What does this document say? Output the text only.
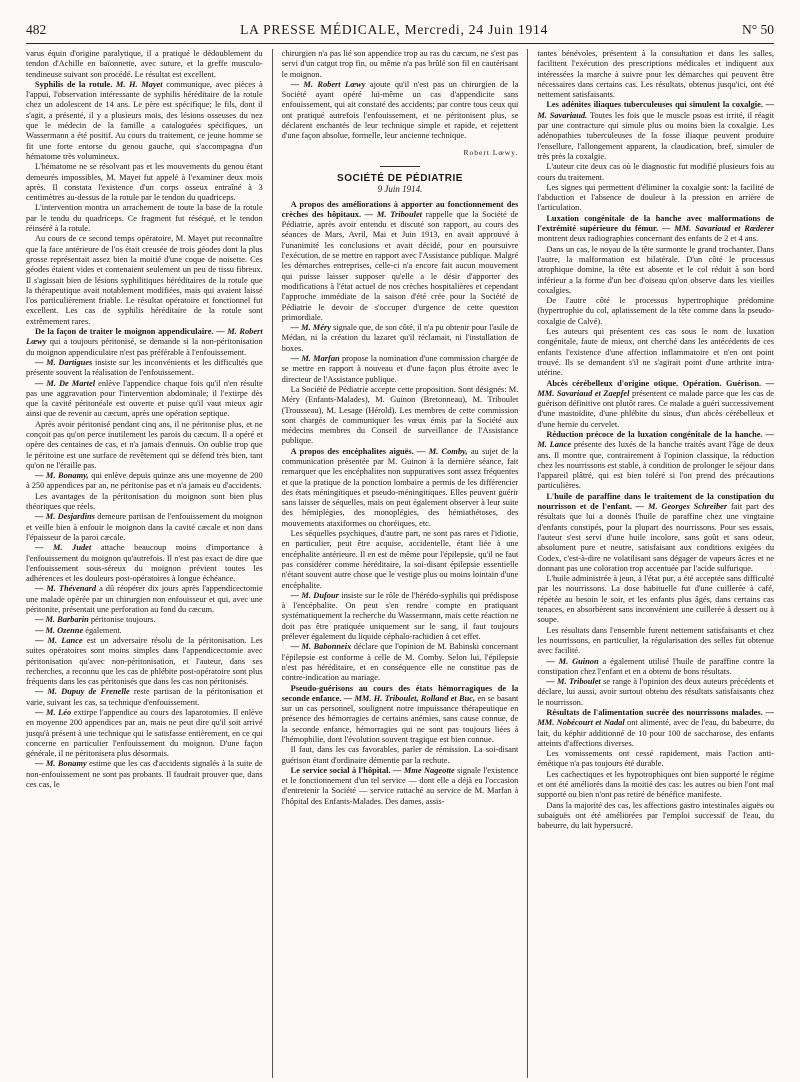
482	LA PRESSE MÉDICALE, Mercredi, 24 Juin 1914	N° 50

varus équin d'origine paralytique, il a pratiqué le dédoublement du tendon d'Achille en baïonnette, avec suture, et la greffe musculo-tendineuse suivant son procédé. Le résultat est excellent.

Syphilis de la rotule. M. H. Mayet communique, avec pièces à l'appui, l'observation intéressante de syphilis héréditaire de la rotule chez un adolescent de 14 ans. Le père est spécifique; le fils, dont il s'agit, a présenté, il y a plusieurs mois, des lésions osseuses du nez que le médecin de la famille a cataloguées spécifiques, un Wassermann a été positif. Au cours du traitement, ce jeune homme se fit une forte entorse du genou gauche, qui s'accompagna d'un hématome très volumineux.

L'hématome ne se résolvant pas et les mouvements du genou étant demeurés impossibles, M. Mayet fut appelé à l'examiner deux mois après. Il constata l'existence d'un corps osseux entraîné à 3 centimètres au-dessus de la rotule par le tendon du quadriceps.

L'intervention montra un arrachement de toute la base de la rotule par le tendu du quadriceps. Ce fragment fut réséqué, et le tendon réinséré à la rotule.

Au cours de ce second temps opératoire, M. Mayet put reconnaître que la face antérieure de l'os était creusée de trois géodes dont la plus grosse représentait assez bien la moitié d'une coque de noisette. Ces géodes étaient vides et contenaient seulement un peu de tissu fibreux. Il s'agissait bien de lésions syphilitiques héréditaires de la rotule que la thérapeutique avait notablement modifiées, mais qui avaient laissé l'os particulièrement friable. Le résultat opératoire et fonctionnel fut excellent. Les cas de syphilis héréditaire de la rotule sont extrêmement rares.

De la façon de traiter le moignon appendiculaire. — M. Robert Lœwy qui a toujours péritonisé, se demande si la non-péritonisation du moignon appendiculaire n'est pas préférable à l'enfouissement.

— M. Dartigues insiste sur les inconvénients et les difficultés que présente souvent la réalisation de l'enfouissement.

— M. De Martel enlève l'appendice chaque fois qu'il n'en résulte pas une aggravation pour l'intervention abdominale; il l'extirpe dès que la cavité péritonéale est ouverte et puise qu'il vaut mieux agir ainsi que de revenir au cæcum, après une opération septique.

Après avoir péritonisé pendant cinq ans, il ne péritonise plus, et ne conçoit pas qu'on perce inutilement les parois du cæcum. Il a opéré et opère des centaines de cas, et n'a jamais d'ennuis. On oublie trop que le péritoine est une surface de revêtement qui se défend très bien, tant qu'on ne l'éraille pas.

— M. Bonamy, qui enlève depuis quinze ans une moyenne de 200 à 250 appendices par an, ne péritonise pas et n'a jamais eu d'accidents.

Les avantages de la péritonisation du moignon sont bien plus théoriques que réels.

— M. Desjardins demeure partisan de l'enfouissement du moignon et veille bien à enfouir le moignon dans la cavité cæcale et non dans l'épaisseur de la paroi cæcale.

— M. Judet attache beaucoup moins d'importance à l'enfouissement du moignon qu'autrefois. Il n'est pas exact de dire que l'enfouissement sous-séreux du moignon prévient toutes les adhérences et les douleurs post-opératoires à longue échéance.

— M. Thévenard a dû réopérer dix jours après l'appendicectomie une malade opérée par un chirurgien non enfouisseur et qui, avec une péritonite, présentait une perforation au fond du cæcum.

— M. Barbarin péritonise toujours.

— M. Ozenne également.

— M. Lance est un adversaire résolu de la péritonisation. Les suites opératoires sont moins simples dans l'appendicectomie avec péritonisation qu'avec non-péritonisation, et l'auteur, dans ses recherches, a reconnu que les cas de phlébite post-opératoire sont plus fréquents dans les cas péritonisés que dans les cas non péritonisés.

— M. Dupuy de Frenelle reste partisan de la péritonisation et varie, suivant les cas, sa technique d'enfouissement.

— M. Léo extirpe l'appendice au cours des laparotomies. Il enlève en moyenne 200 appendices par an, mais ne peut dire qu'il soit arrivé jusqu'à présent à une technique qui le satisfasse entièrement, en ce qui concerne en particulier l'enfouissement du moignon. D'une façon générale, il ne péritonisera plus désormais.

— M. Bonamy estime que les cas d'accidents signalés à la suite de non-enfouissement ne sont pas probants. Il faudrait prouver que, dans ces cas, le

chirurgien n'a pas lié son appendice trop au ras du cæcum, ne s'est pas servi d'un catgut trop fin, ou même n'a pas brûlé son fil en cautérisant le moignon.

— M. Robert Lœwy ajoute qu'il n'est pas un chirurgien de la Société ayant opéré lui-même un cas d'appendicite sans enfouissement, qui ait constaté des accidents; par contre tous ceux qui ont pratiqué autrefois l'enfouissement, et ne péritonisent plus, se déclarent enchantés de leur technique simple et rapide, et rejettent d'une façon absolue, formelle, leur ancienne technique.

Robert Lœwy.

SOCIÉTÉ DE PÉDIATRIE

9 Juin 1914.

A propos des améliorations à apporter au fonctionnement des crèches des hôpitaux. — M. Triboulet rappelle que la Société de Pédiatrie, après avoir entendu et discuté son rapport, au cours des séances de Mars, Avril, Mai et Juin 1913, en avait approuvé à l'unanimité les conclusions et avait décidé, pour en poursuivre l'exécution, de se mettre en rapport avec l'Assistance publique. Malgré les démarches entreprises, celle-ci n'a encore fait aucun mouvement qui puisse laisser supposer qu'elle a le désir d'apporter des modifications à l'état actuel de nos crèches hospitalières et cependant l'approche immédiate de la saison d'été crée pour la Société de Pédiatrie le devoir de s'occuper d'urgence de cette question primordiale.

— M. Méry signale que, de son côté, il n'a pu obtenir pour l'asile de Médan, ni la création du lazaret qu'il réclamait, ni l'installation de boxes.

— M. Marfan propose la nomination d'une commission chargée de se mettre en rapport à nouveau et d'une façon plus étroite avec le directeur de l'Assistance publique.

La Société de Pédiatrie accepte cette proposition. Sont désignés: M. Méry (Enfants-Malades), M. Guinon (Bretonneau), M. Triboulet (Trousseau), M. Lesage (Hérold). Les membres de cette commission sont chargés de communiquer les vœux émis par la Société aux médecins membres du Conseil de surveillance de l'Assistance publique.

A propos des encéphalites aiguës. — M. Comby, au sujet de la communication présentée par M. Guinon à la dernière séance, fait remarquer que les encéphalites non suppuratives sont assez fréquentes et que la pratique de la ponction lombaire a permis de les différencier des états méningitiques et pseudo-méningitiques. Elles peuvent guérir sans laisser de séquelles, mais on peut également observer à leur suite des hémiplégies, des monoplégies, des hémiathétoses, des mouvements ataxiformes ou choréiques, etc.

Les séquelles psychiques, d'autre part, ne sont pas rares et l'idiotie, en particulier, peut être acquise, accidentelle, étant liée à une encéphalite antérieure. Il en est de même pour l'épilepsie, qu'il ne faut pas considérer comme héréditaire, la soi-disant épilepsie essentielle n'étant souvent autre chose que le vestige plus ou moins lointain d'une encéphalite.

— M. Dufour insiste sur le rôle de l'hérédo-syphilis qui prédispose à l'encéphalite. On peut s'en rendre compte en pratiquant systématiquement la recherche du Wassermann, mais cette réaction ne doit pas être pratiquée uniquement sur le sang, il faut toujours prélever également du liquide céphalo-rachidien à cet effet.

— M. Babonneix déclare que l'opinion de M. Babinski concernant l'épilepsie est conforme à celle de M. Comby. Selon lui, l'épilepsie n'est pas héréditaire, et en conséquence elle ne constitue pas de contre-indication au mariage.

Pseudo-guérisons au cours des états hémorragiques de la seconde enfance. — MM. H. Triboulet, Rolland et Buc, en se basant sur un cas personnel, soulignent notre impuissance thérapeutique en présence des hémorragies de certains anémies, sans cause connue, de la seconde enfance, hémorragies qui ne sont pas toujours liées à l'hémophilie, dont l'évolution souvent tragique est bien connue.

Il faut, dans les cas favorables, parler de rémission. La soi-disant guérison étant d'ordinaire démentie par la rechute.

Le service social à l'hôpital. — Mme Nageotte signale l'existence et le fonctionnement d'un tel service — dont elle a déjà eu l'occasion d'entretenir la Société — service rattaché au service de M. Marfan à l'hôpital des Enfants-Malades. Des dames, assis-

tantes bénévoles, présentent à la consultation et dans les salles, facilitent l'exécution des prescriptions médicales et indiquent aux intéressées la marche à suivre pour les démarches qui peuvent être nécessaires dans certains cas. Les résultats, obtenus jusqu'ici, ont été nettement satisfaisants.

Les adénites iliaques tuberculeuses qui simulent la coxalgie. — M. Savariaud. Toutes les fois que le muscle psoas est irrité, il réagit par une contracture qui simule plus ou moins bien la coxalgie. Les adénopathies tuberculeuses de la fosse iliaque peuvent produire l'ensellure, l'allongement apparent, la claudication, bref, simuler de très près la coxalgie.

L'auteur cite deux cas où le diagnostic fut modifié plusieurs fois au cours du traitement.

Les signes qui permettent d'éliminer la coxalgie sont: la facilité de l'abduction et l'absence de douleur à la pression en arrière de l'articulation.

Luxation congénitale de la hanche avec malformations de l'extrémité supérieure du fémur. — MM. Savariaud et Rœderer montrent deux radiographies concernant des enfants de 2 et 4 ans.

Dans un cas, le noyau de la tête surmonte le grand trochanter. Dans l'autre, la malformation est bilatérale. D'un côté le processus atrophique domine, la tête est absente et le col réduit à son bord inférieur a la forme d'un bec d'oiseau qu'on observe dans les vieilles coxalgies.

De l'autre côté le processus hypertrophique prédomine (hypertrophie du col, aplatissement de la tête comme dans la pseudo-coxalgie de Calvé).

Les auteurs qui présentent ces cas sous le nom de luxation congénitale, faute de mieux, ont cherché dans les antécédents de ces enfants l'existence d'une affection inflammatoire et n'en ont point trouvé. Ils se demandent s'il ne s'agirait point d'une arthrite intra-utérine.

Abcès cérébelleux d'origine otique. Opération. Guérison. — MM. Savariaud et Zaepfel présentent ce malade parce que les cas de guérison définitive ont plutôt rares. Ce malade a guéri successivement d'une mastoïdite, d'une phlébite du sinus, d'un abcès cérébelleux et d'une hernie du cervelet.

Réduction précoce de la luxation congénitale de la hanche. — M. Lance présente des luxés de la hanche traités avant l'âge de deux ans. Il montre que, contrairement à l'opinion classique, la réduction chez les nourrissons est stable, à condition de prolonger le séjour dans l'appareil plâtré, qui est bien toléré si l'on prend des précautions particulières.

L'huile de paraffine dans le traitement de la constipation du nourrisson et de l'enfant. — M. Georges Schreiber fait part des résultats que lui a donnés l'huile de paraffine chez une vingtaine d'enfants constipés, pour la plupart des nourrissons. Pour ses essais, l'auteur s'est servi d'une huile incolore, sans goût et sans odeur, absolument pure et neutre, satisfaisant aux conditions exigées du Codex, c'est-à-dire ne volatilisant sans dégager de vapeurs âcres et ne donnant pas une coloration trop accentuée par l'acide sulfurique.

L'huile administrée à jeun, à l'état pur, a été acceptée sans difficulté par les nourrissons. La dose habituelle fut d'une cuillerée à café, répétée au besoin le soir, et les enfants plus âgés, dans certains cas tenaces, en absorbèrent sans inconvénient une cuillerée à dessert ou à soupe.

Les résultats dans l'ensemble furent nettement satisfaisants et chez les nourrissons, en particulier, la régularisation des selles fut obtenue avec facilité.

— M. Guinon a également utilisé l'huile de paraffine contre la constipation chez l'enfant et en a obtenu de bons résultats.

— M. Triboulet se range à l'opinion des deux auteurs précédents et déclare, lui aussi, avoir surtout obtenu des résultats satisfaisants chez le nourrisson.

Résultats de l'alimentation sucrée des nourrissons malades. — MM. Nobécourt et Nadal ont alimenté, avec de l'eau, du babeurre, du lait, du képhir additionné de 10 pour 100 de saccharose, des enfants atteints d'affections diverses.

Les vomissements ont cessé rapidement, mais l'action anti-émétique n'a pas toujours été durable.

Les cachectiques et les hypotrophiques ont bien supporté le régime et ont été améliorés dans la moitié des cas: les autres ou bien l'ont mal supporté ou bien n'ont pas retiré de bénéfice manifeste.

Dans la majorité des cas, les affections gastro intestinales aiguës ou subaiguës ont été améliorées par l'emploi successif de l'eau, du babeurre, du lait hypersucré.
